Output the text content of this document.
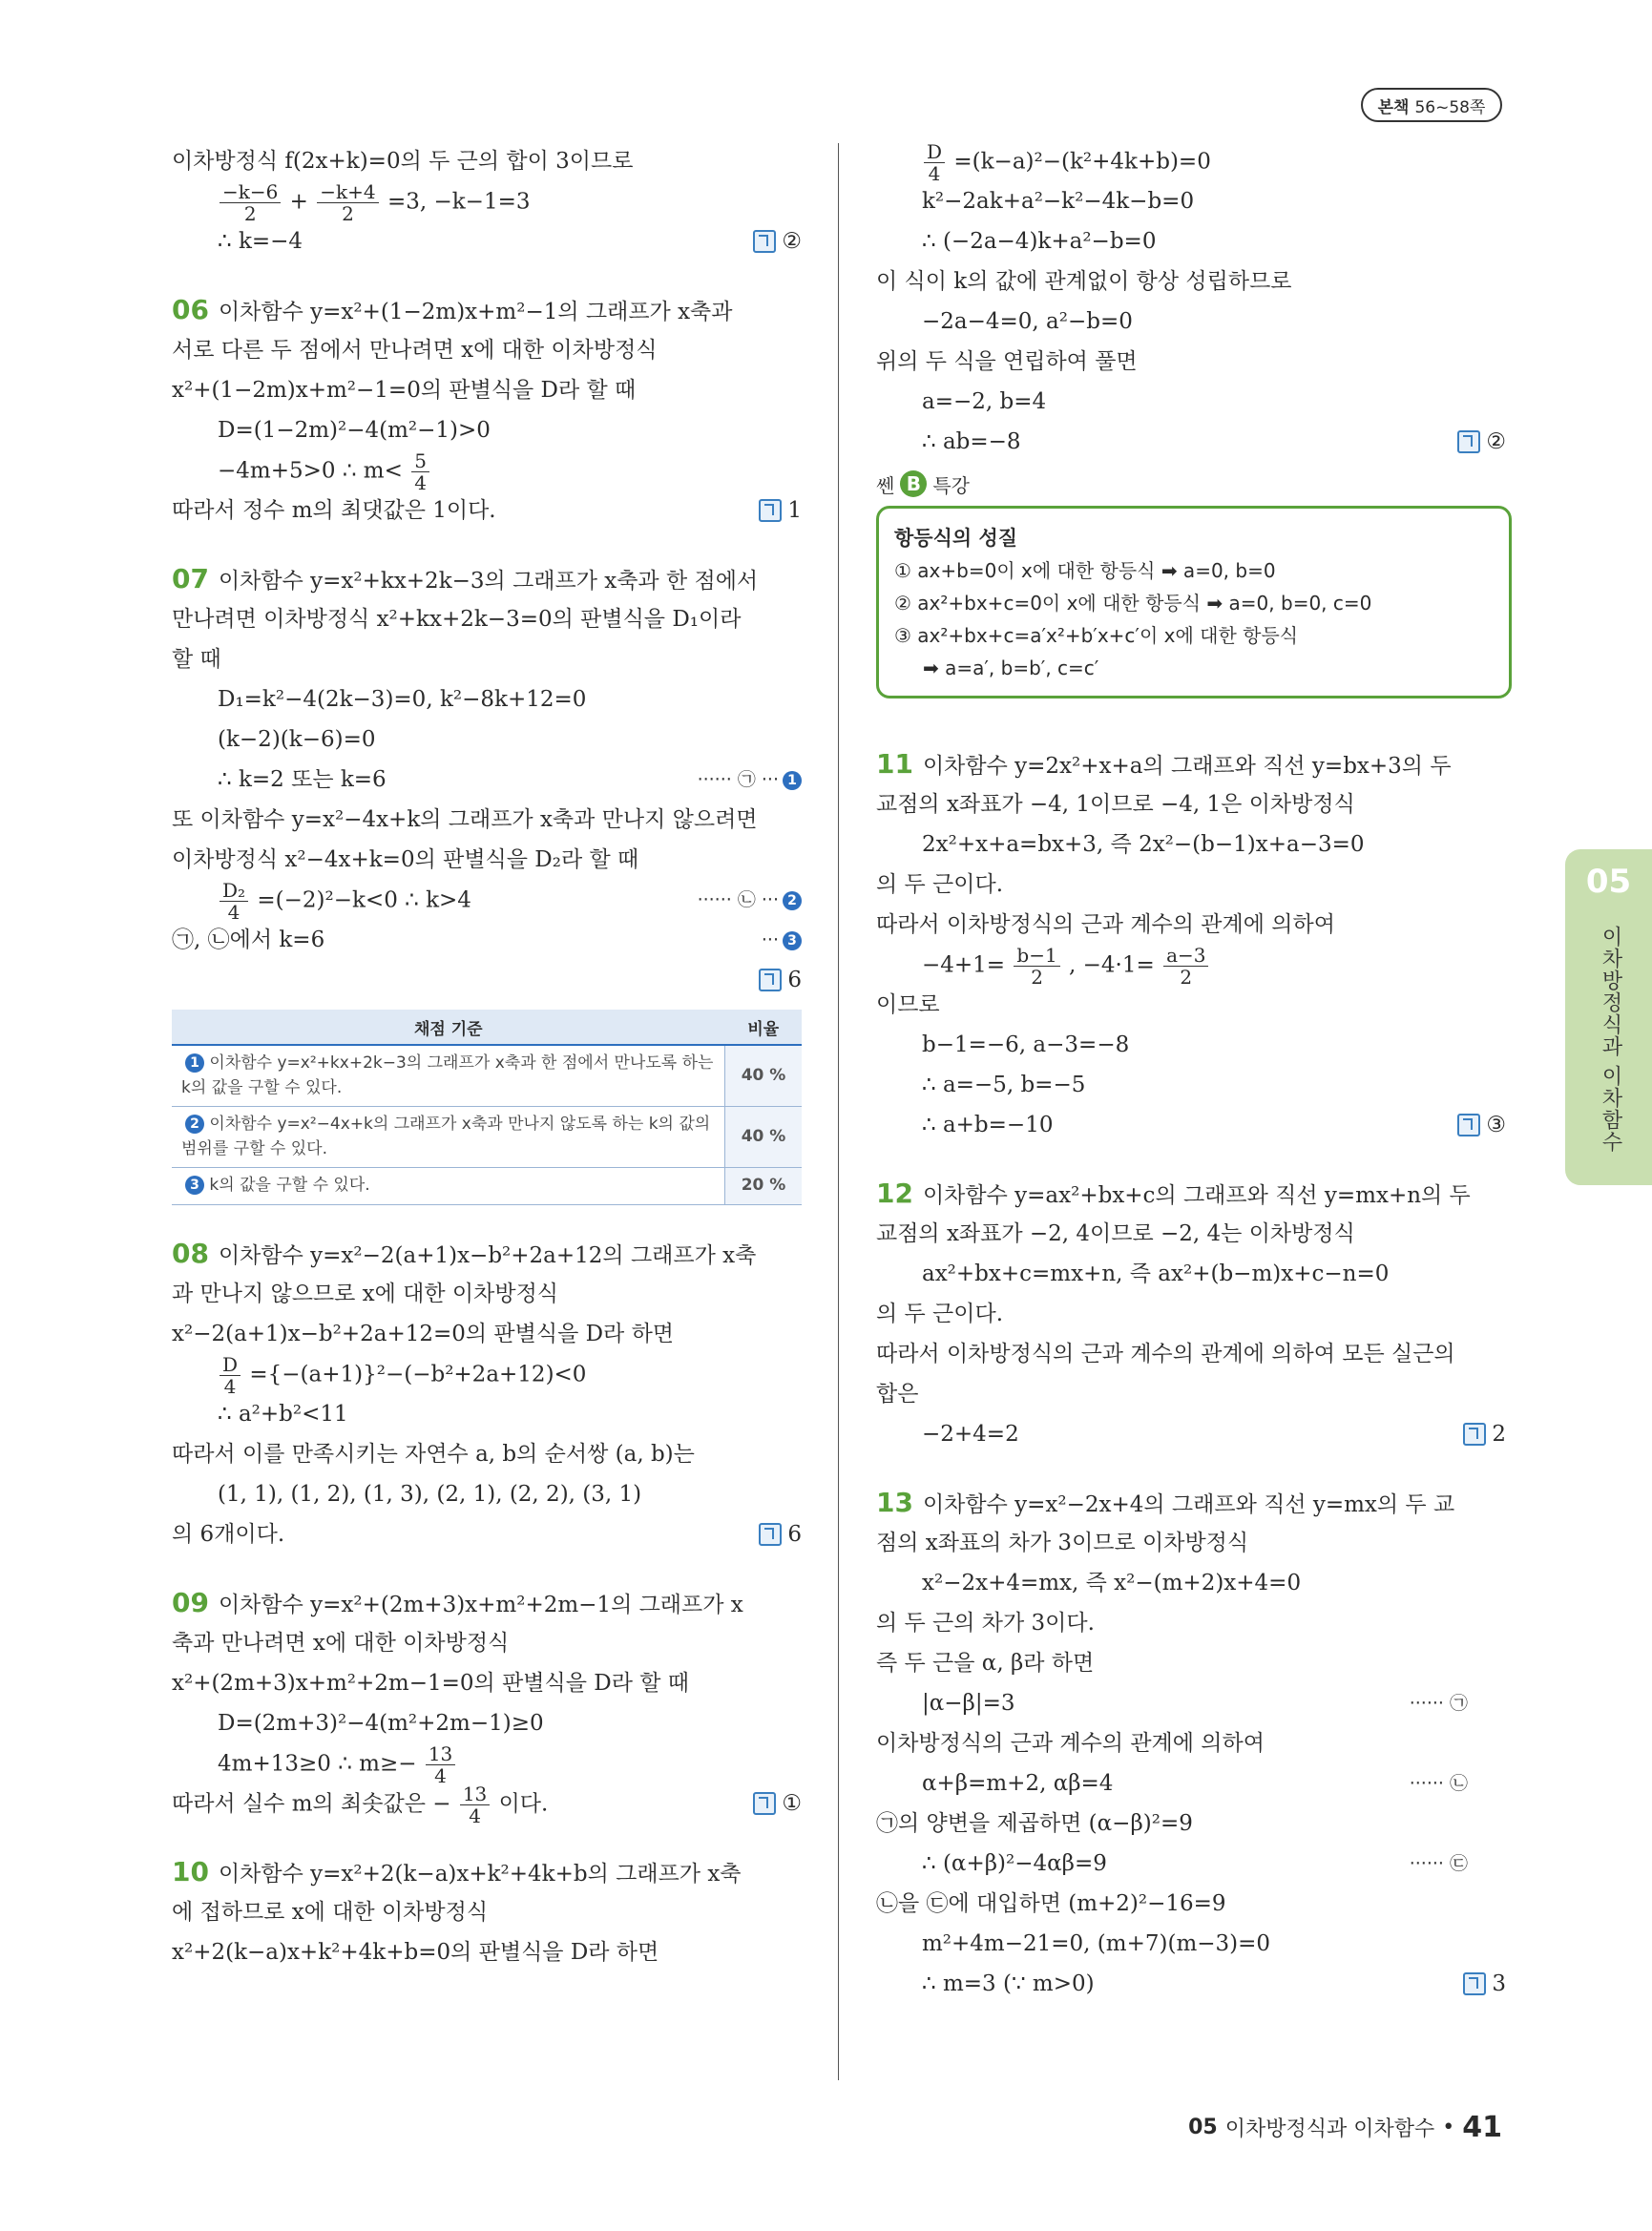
본책 56~58쪽
이차방정식 f(2x+k)=0의 두 근의 합이 3이므로
$\frac{-k-6}{2} + \frac{-k+4}{2} =3$, −k−1=3
∴ k=−4	②
06 이차함수 y=x²+(1−2m)x+m²−1의 그래프가 x축과
서로 다른 두 점에서 만나려면 x에 대한 이차방정식
x²+(1−2m)x+m²−1=0의 판별식을 D라 할 때
D=(1−2m)²−4(m²−1)>0
−4m+5>0 ∴ $m< \frac{5}{4}$
따라서 정수 m의 최댓값은 1이다.	1
07 이차함수 y=x²+kx+2k−3의 그래프가 x축과 한 점에서
만나려면 이차방정식 x²+kx+2k−3=0의 판별식을 D₁이라
할 때
D₁=k²−4(2k−3)=0, k²−8k+12=0
(k−2)(k−6)=0
∴ k=2 또는 k=6	······ ㉠ ··· 1
또 이차함수 y=x²−4x+k의 그래프가 x축과 만나지 않으려면
이차방정식 x²−4x+k=0의 판별식을 D₂라 할 때
$\frac{\text{D₂}}{4} =(-2)^2-k<0$ ∴ k>4	······ ㉡ ··· 2
㉠, ㉡에서 k=6	··· 3
6
채점 기준	비율
1 이차함수 y=x²+kx+2k−3의 그래프가 x축과 한 점에서 만나도록 하는 k의 값을 구할 수 있다.	40 %
2 이차함수 y=x²−4x+k의 그래프가 x축과 만나지 않도록 하는 k의 값의 범위를 구할 수 있다.	40 %
3 k의 값을 구할 수 있다.	20 %
08 이차함수 y=x²−2(a+1)x−b²+2a+12의 그래프가 x축
과 만나지 않으므로 x에 대한 이차방정식
x²−2(a+1)x−b²+2a+12=0의 판별식을 D라 하면
$\frac{D}{4} =\{-(a+1)\}^2-(-b^2+2a+12)<0$
∴ a²+b²<11
따라서 이를 만족시키는 자연수 a, b의 순서쌍 (a, b)는
(1, 1), (1, 2), (1, 3), (2, 1), (2, 2), (3, 1)
의 6개이다.	6
09 이차함수 y=x²+(2m+3)x+m²+2m−1의 그래프가 x
축과 만나려면 x에 대한 이차방정식
x²+(2m+3)x+m²+2m−1=0의 판별식을 D라 할 때
D=(2m+3)²−4(m²+2m−1)≥0
4m+13≥0 ∴ $m\ge- \frac{13}{4}$
따라서 실수 m의 최솟값은 − $\frac{13}{4}$ 이다.	①
10 이차함수 y=x²+2(k−a)x+k²+4k+b의 그래프가 x축
에 접하므로 x에 대한 이차방정식
x²+2(k−a)x+k²+4k+b=0의 판별식을 D라 하면
$\frac{D}{4} =(k-a)^2-(k^2+4k+b)=0$
k²−2ak+a²−k²−4k−b=0
∴ (−2a−4)k+a²−b=0
이 식이 k의 값에 관계없이 항상 성립하므로
−2a−4=0, a²−b=0
위의 두 식을 연립하여 풀면
a=−2, b=4
∴ ab=−8	②
쎈 B 특강
항등식의 성질
① ax+b=0이 x에 대한 항등식 ➡ a=0, b=0
② ax²+bx+c=0이 x에 대한 항등식 ➡ a=0, b=0, c=0
③ ax²+bx+c=a′x²+b′x+c′이 x에 대한 항등식
➡ a=a′, b=b′, c=c′
11 이차함수 y=2x²+x+a의 그래프와 직선 y=bx+3의 두
교점의 x좌표가 −4, 1이므로 −4, 1은 이차방정식
2x²+x+a=bx+3, 즉 2x²−(b−1)x+a−3=0
의 두 근이다.
따라서 이차방정식의 근과 계수의 관계에 의하여
$-4+1= \frac{b-1}{2}$ , $-4\cdot 1= \frac{a-3}{2}$
이므로
b−1=−6, a−3=−8
∴ a=−5, b=−5
∴ a+b=−10	③
12 이차함수 y=ax²+bx+c의 그래프와 직선 y=mx+n의 두
교점의 x좌표가 −2, 4이므로 −2, 4는 이차방정식
ax²+bx+c=mx+n, 즉 ax²+(b−m)x+c−n=0
의 두 근이다.
따라서 이차방정식의 근과 계수의 관계에 의하여 모든 실근의
합은
−2+4=2	2
13 이차함수 y=x²−2x+4의 그래프와 직선 y=mx의 두 교
점의 x좌표의 차가 3이므로 이차방정식
x²−2x+4=mx, 즉 x²−(m+2)x+4=0
의 두 근의 차가 3이다.
즉 두 근을 α, β라 하면
|α−β|=3	······ ㉠
이차방정식의 근과 계수의 관계에 의하여
α+β=m+2, αβ=4	······ ㉡
㉠의 양변을 제곱하면 (α−β)²=9
∴ (α+β)²−4αβ=9	······ ㉢
㉡을 ㉢에 대입하면 (m+2)²−16=9
m²+4m−21=0, (m+7)(m−3)=0
∴ m=3 (∵ m>0)	3
05
이차방정식과 이차함수
05 이차방정식과 이차함수 • 41
